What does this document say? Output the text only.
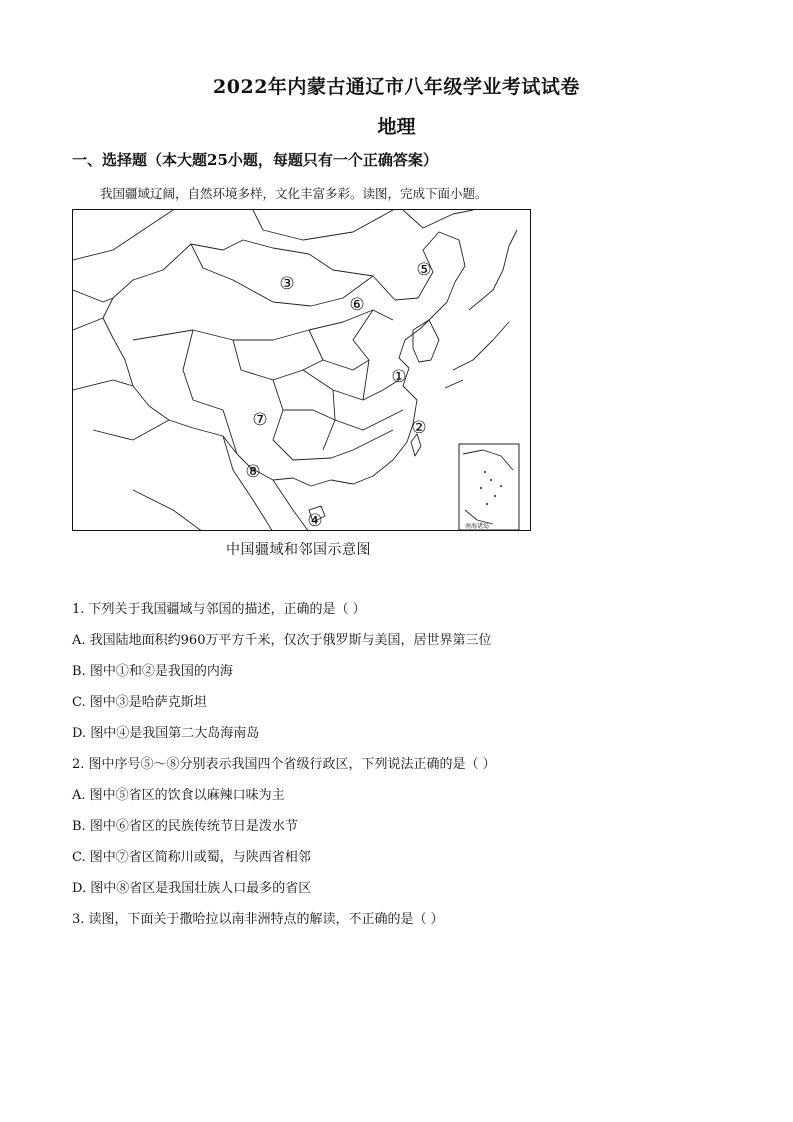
2022年内蒙古通辽市八年级学业考试试卷
地理
一、选择题（本大题25小题，每题只有一个正确答案）
我国疆域辽阔，自然环境多样，文化丰富多彩。读图，完成下面小题。
①
②
③
④
⑤
⑥
⑦
⑧
南海诸岛
中国疆域和邻国示意图
1. 下列关于我国疆域与邻国的描述，正确的是（ ）
A. 我国陆地面积约960万平方千米，仅次于俄罗斯与美国，居世界第三位
B. 图中①和②是我国的内海
C. 图中③是哈萨克斯坦
D. 图中④是我国第二大岛海南岛
2. 图中序号⑤～⑧分别表示我国四个省级行政区，下列说法正确的是（ ）
A. 图中⑤省区的饮食以麻辣口味为主
B. 图中⑥省区的民族传统节日是泼水节
C. 图中⑦省区简称川或蜀，与陕西省相邻
D. 图中⑧省区是我国壮族人口最多的省区
3. 读图，下面关于撒哈拉以南非洲特点的解读，不正确的是（ ）
